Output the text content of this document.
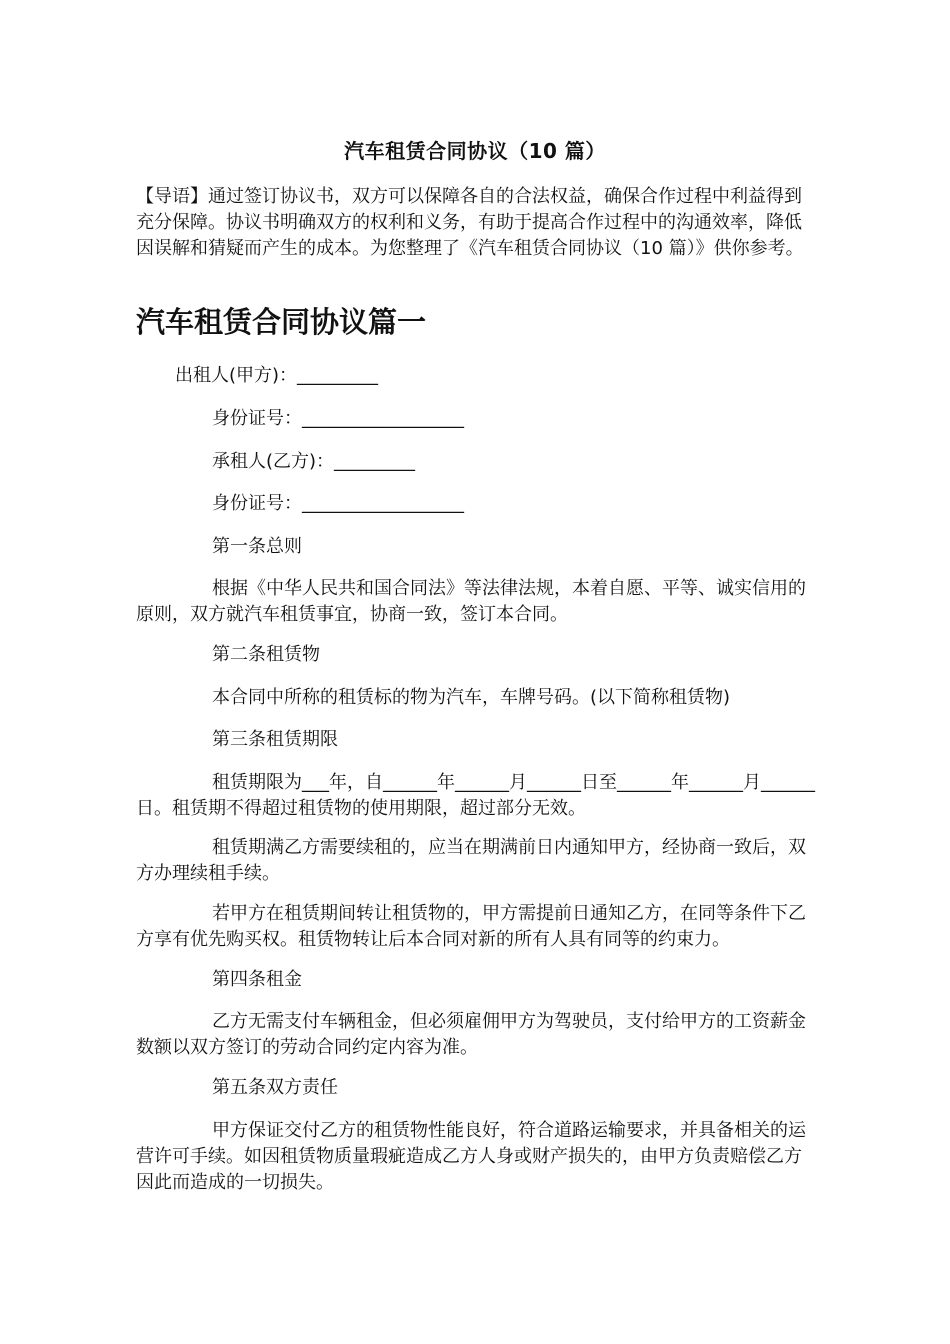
汽车租赁合同协议（10 篇）

【导语】通过签订协议书，双方可以保障各自的合法权益，确保合作过程中利益得到充分保障。协议书明确双方的权利和义务，有助于提高合作过程中的沟通效率，降低因误解和猜疑而产生的成本。为您整理了《汽车租赁合同协议（10 篇）》供你参考。

汽车租赁合同协议篇一

出租人(甲方)：_________

身份证号：__________________

承租人(乙方)：_________

身份证号：__________________

第一条总则

根据《中华人民共和国合同法》等法律法规，本着自愿、平等、诚实信用的原则，双方就汽车租赁事宜，协商一致，签订本合同。

第二条租赁物

本合同中所称的租赁标的物为汽车，车牌号码。(以下简称租赁物)

第三条租赁期限

租赁期限为___年，自______年______月______日至______年______月______日。租赁期不得超过租赁物的使用期限，超过部分无效。

租赁期满乙方需要续租的，应当在期满前日内通知甲方，经协商一致后，双方办理续租手续。

若甲方在租赁期间转让租赁物的，甲方需提前日通知乙方，在同等条件下乙方享有优先购买权。租赁物转让后本合同对新的所有人具有同等的约束力。

第四条租金

乙方无需支付车辆租金，但必须雇佣甲方为驾驶员，支付给甲方的工资薪金数额以双方签订的劳动合同约定内容为准。

第五条双方责任

甲方保证交付乙方的租赁物性能良好，符合道路运输要求，并具备相关的运营许可手续。如因租赁物质量瑕疵造成乙方人身或财产损失的，由甲方负责赔偿乙方因此而造成的一切损失。
